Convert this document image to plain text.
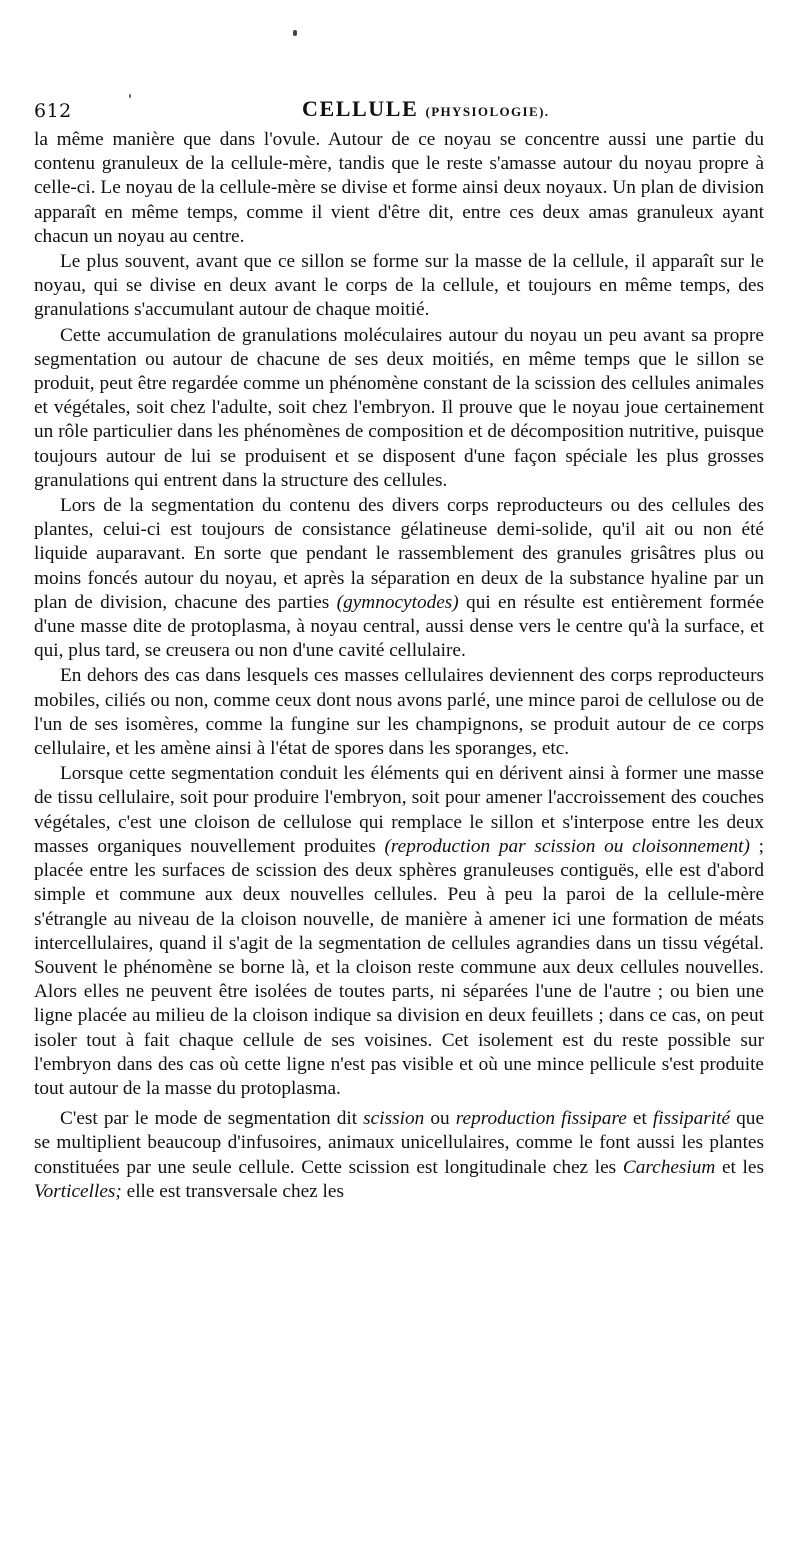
612	CELLULE (PHYSIOLOGIE).

la même manière que dans l'ovule. Autour de ce noyau se concentre aussi une partie du contenu granuleux de la cellule-mère, tandis que le reste s'amasse autour du noyau propre à celle-ci. Le noyau de la cellule-mère se divise et forme ainsi deux noyaux. Un plan de division apparaît en même temps, comme il vient d'être dit, entre ces deux amas granuleux ayant chacun un noyau au centre.

Le plus souvent, avant que ce sillon se forme sur la masse de la cellule, il apparaît sur le noyau, qui se divise en deux avant le corps de la cellule, et toujours en même temps, des granulations s'accumulant autour de chaque moitié.

Cette accumulation de granulations moléculaires autour du noyau un peu avant sa propre segmentation ou autour de chacune de ses deux moitiés, en même temps que le sillon se produit, peut être regardée comme un phénomène constant de la scission des cellules animales et végétales, soit chez l'adulte, soit chez l'embryon. Il prouve que le noyau joue certainement un rôle particulier dans les phénomènes de composition et de décomposition nutritive, puisque toujours autour de lui se produisent et se disposent d'une façon spéciale les plus grosses granulations qui entrent dans la structure des cellules.

Lors de la segmentation du contenu des divers corps reproducteurs ou des cellules des plantes, celui-ci est toujours de consistance gélatineuse demi-solide, qu'il ait ou non été liquide auparavant. En sorte que pendant le rassemblement des granules grisâtres plus ou moins foncés autour du noyau, et après la séparation en deux de la substance hyaline par un plan de division, chacune des parties (gymnocytodes) qui en résulte est entièrement formée d'une masse dite de protoplasma, à noyau central, aussi dense vers le centre qu'à la surface, et qui, plus tard, se creusera ou non d'une cavité cellulaire.

En dehors des cas dans lesquels ces masses cellulaires deviennent des corps reproducteurs mobiles, ciliés ou non, comme ceux dont nous avons parlé, une mince paroi de cellulose ou de l'un de ses isomères, comme la fungine sur les champignons, se produit autour de ce corps cellulaire, et les amène ainsi à l'état de spores dans les sporanges, etc.

Lorsque cette segmentation conduit les éléments qui en dérivent ainsi à former une masse de tissu cellulaire, soit pour produire l'embryon, soit pour amener l'accroissement des couches végétales, c'est une cloison de cellulose qui remplace le sillon et s'interpose entre les deux masses organiques nouvellement produites (reproduction par scission ou cloisonnement) ; placée entre les surfaces de scission des deux sphères granuleuses contiguës, elle est d'abord simple et commune aux deux nouvelles cellules. Peu à peu la paroi de la cellule-mère s'étrangle au niveau de la cloison nouvelle, de manière à amener ici une formation de méats intercellulaires, quand il s'agit de la segmentation de cellules agrandies dans un tissu végétal. Souvent le phénomène se borne là, et la cloison reste commune aux deux cellules nouvelles. Alors elles ne peuvent être isolées de toutes parts, ni séparées l'une de l'autre ; ou bien une ligne placée au milieu de la cloison indique sa division en deux feuillets ; dans ce cas, on peut isoler tout à fait chaque cellule de ses voisines. Cet isolement est du reste possible sur l'embryon dans des cas où cette ligne n'est pas visible et où une mince pellicule s'est produite tout autour de la masse du protoplasma.

C'est par le mode de segmentation dit scission ou reproduction fissipare et fissiparité que se multiplient beaucoup d'infusoires, animaux unicellulaires, comme le font aussi les plantes constituées par une seule cellule. Cette scission est longitudinale chez les Carchesium et les Vorticelles; elle est transversale chez les
